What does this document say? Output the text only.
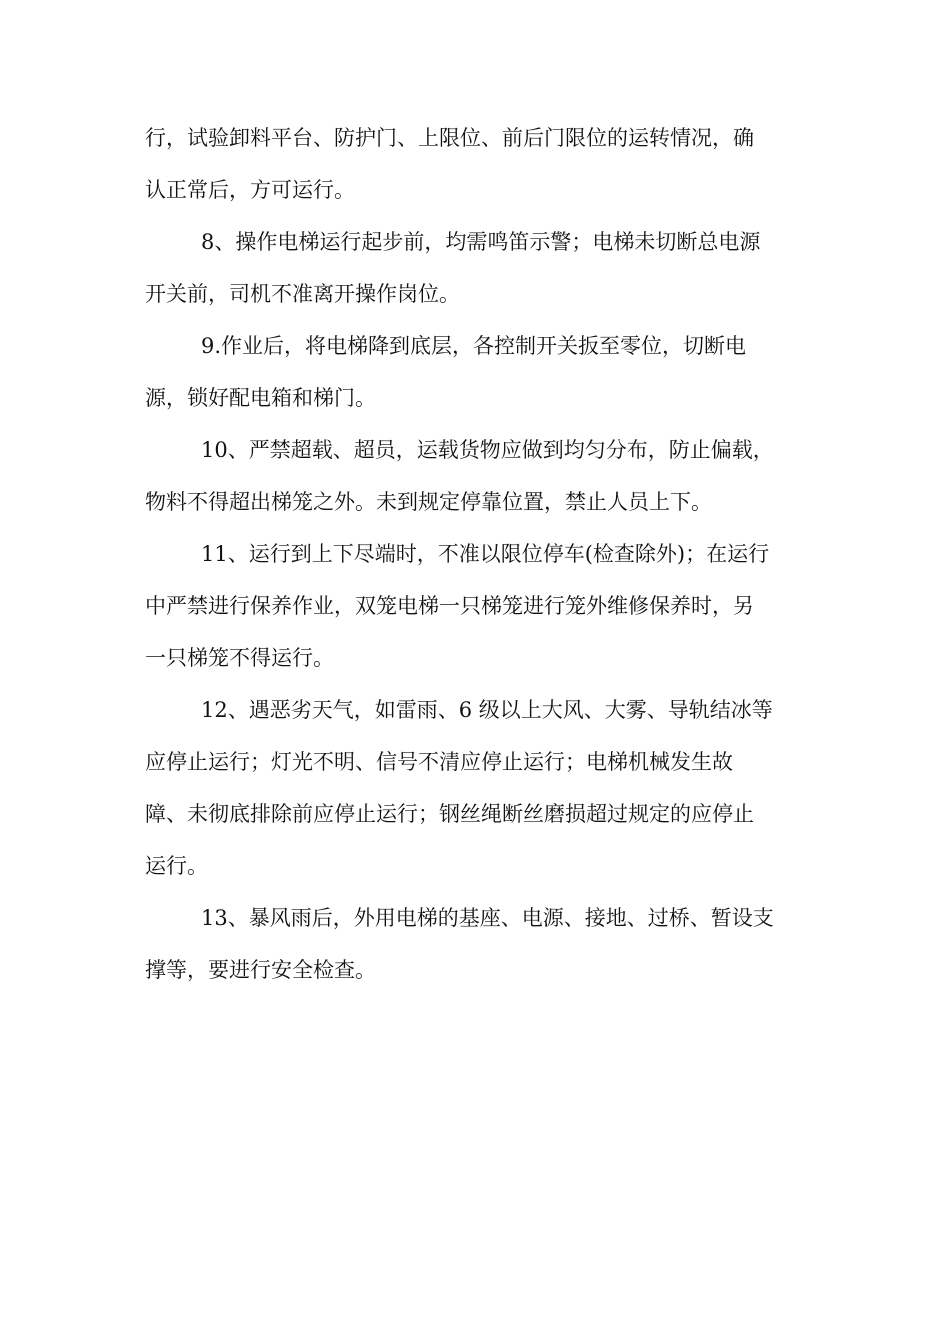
行，试验卸料平台、防护门、上限位、前后门限位的运转情况，确
认正常后，方可运行。
8、操作电梯运行起步前，均需鸣笛示警；电梯未切断总电源
开关前，司机不准离开操作岗位。
9.作业后，将电梯降到底层，各控制开关扳至零位，切断电
源，锁好配电箱和梯门。
10、严禁超载、超员，运载货物应做到均匀分布，防止偏载，
物料不得超出梯笼之外。未到规定停靠位置，禁止人员上下。
11、运行到上下尽端时，不准以限位停车(检查除外)；在运行
中严禁进行保养作业，双笼电梯一只梯笼进行笼外维修保养时，另
一只梯笼不得运行。
12、遇恶劣天气，如雷雨、6 级以上大风、大雾、导轨结冰等
应停止运行；灯光不明、信号不清应停止运行；电梯机械发生故
障、未彻底排除前应停止运行；钢丝绳断丝磨损超过规定的应停止
运行。
13、暴风雨后，外用电梯的基座、电源、接地、过桥、暂设支
撑等，要进行安全检查。
